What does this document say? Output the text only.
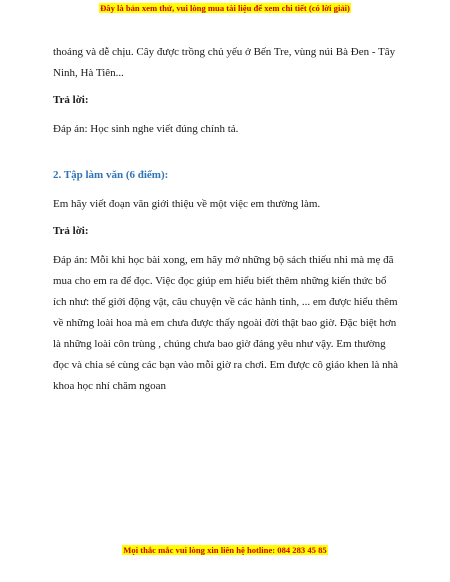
Đây là bản xem thử, vui lòng mua tài liệu để xem chi tiết (có lời giải)

thoáng và dễ chịu. Cây được trồng chủ yếu ở Bến Tre, vùng núi Bà Đen - Tây Ninh, Hà Tiên...

Trả lời:

Đáp án: Học sinh nghe viết đúng chính tả.

2. Tập làm văn (6 điểm):

Em hãy viết đoạn văn giới thiệu về một việc em thường làm.

Trả lời:

Đáp án: Mỗi khi học bài xong, em hãy mở những bộ sách thiếu nhi mà mẹ đã mua cho em ra để đọc. Việc đọc giúp em hiểu biết thêm những kiến thức bổ ích như: thế giới động vật, câu chuyện về các hành tinh, ... em được hiểu thêm về những loài hoa mà em chưa được thấy ngoài đời thật bao giờ. Đặc biệt hơn là những loài côn trùng , chúng chưa bao giờ đáng yêu như vậy. Em thường đọc và chia sẻ cùng các bạn vào mỗi giờ ra chơi. Em được cô giáo khen là nhà khoa học nhí chăm ngoan

Mọi thắc mắc vui lòng xin liên hệ hotline: 084 283 45 85
